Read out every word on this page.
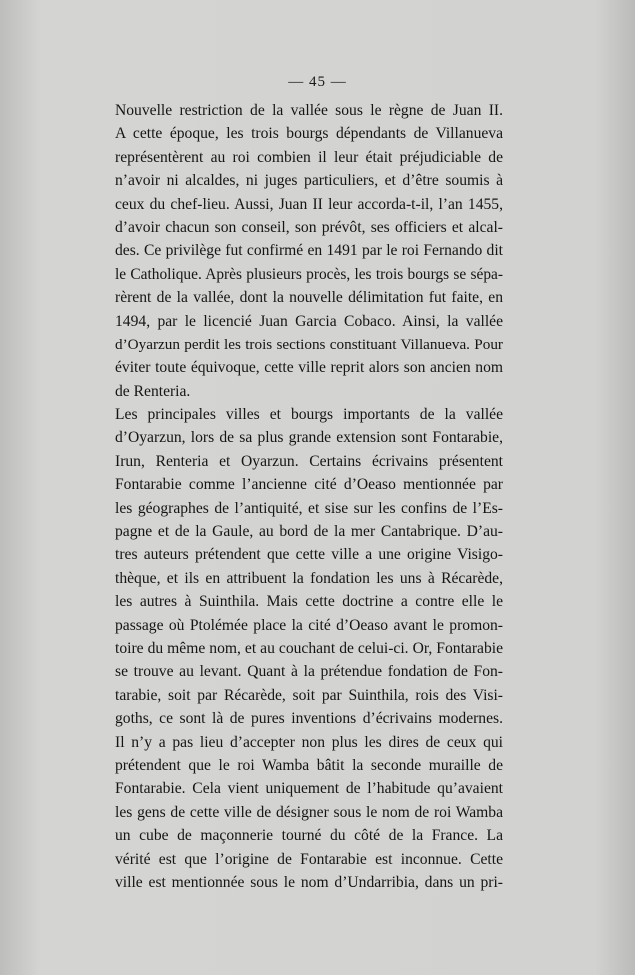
— 45 —
Nouvelle restriction de la vallée sous le règne de Juan II.
A cette époque, les trois bourgs dépendants de Villanueva
représentèrent au roi combien il leur était préjudiciable de
n’avoir ni alcaldes, ni juges particuliers, et d’être soumis à
ceux du chef-lieu. Aussi, Juan II leur accorda-t-il, l’an 1455,
d’avoir chacun son conseil, son prévôt, ses officiers et alcal-
des. Ce privilège fut confirmé en 1491 par le roi Fernando dit
le Catholique. Après plusieurs procès, les trois bourgs se sépa-
rèrent de la vallée, dont la nouvelle délimitation fut faite, en
1494, par le licencié Juan Garcia Cobaco. Ainsi, la vallée
d’Oyarzun perdit les trois sections constituant Villanueva. Pour
éviter toute équivoque, cette ville reprit alors son ancien nom
de Renteria.
Les principales villes et bourgs importants de la vallée
d’Oyarzun, lors de sa plus grande extension sont Fontarabie,
Irun, Renteria et Oyarzun. Certains écrivains présentent
Fontarabie comme l’ancienne cité d’Oeaso mentionnée par
les géographes de l’antiquité, et sise sur les confins de l’Es-
pagne et de la Gaule, au bord de la mer Cantabrique. D’au-
tres auteurs prétendent que cette ville a une origine Visigo-
thèque, et ils en attribuent la fondation les uns à Récarède,
les autres à Suinthila. Mais cette doctrine a contre elle le
passage où Ptolémée place la cité d’Oeaso avant le promon-
toire du même nom, et au couchant de celui-ci. Or, Fontarabie
se trouve au levant. Quant à la prétendue fondation de Fon-
tarabie, soit par Récarède, soit par Suinthila, rois des Visi-
goths, ce sont là de pures inventions d’écrivains modernes.
Il n’y a pas lieu d’accepter non plus les dires de ceux qui
prétendent que le roi Wamba bâtit la seconde muraille de
Fontarabie. Cela vient uniquement de l’habitude qu’avaient
les gens de cette ville de désigner sous le nom de roi Wamba
un cube de maçonnerie tourné du côté de la France. La
vérité est que l’origine de Fontarabie est inconnue. Cette
ville est mentionnée sous le nom d’Undarribia, dans un pri-
